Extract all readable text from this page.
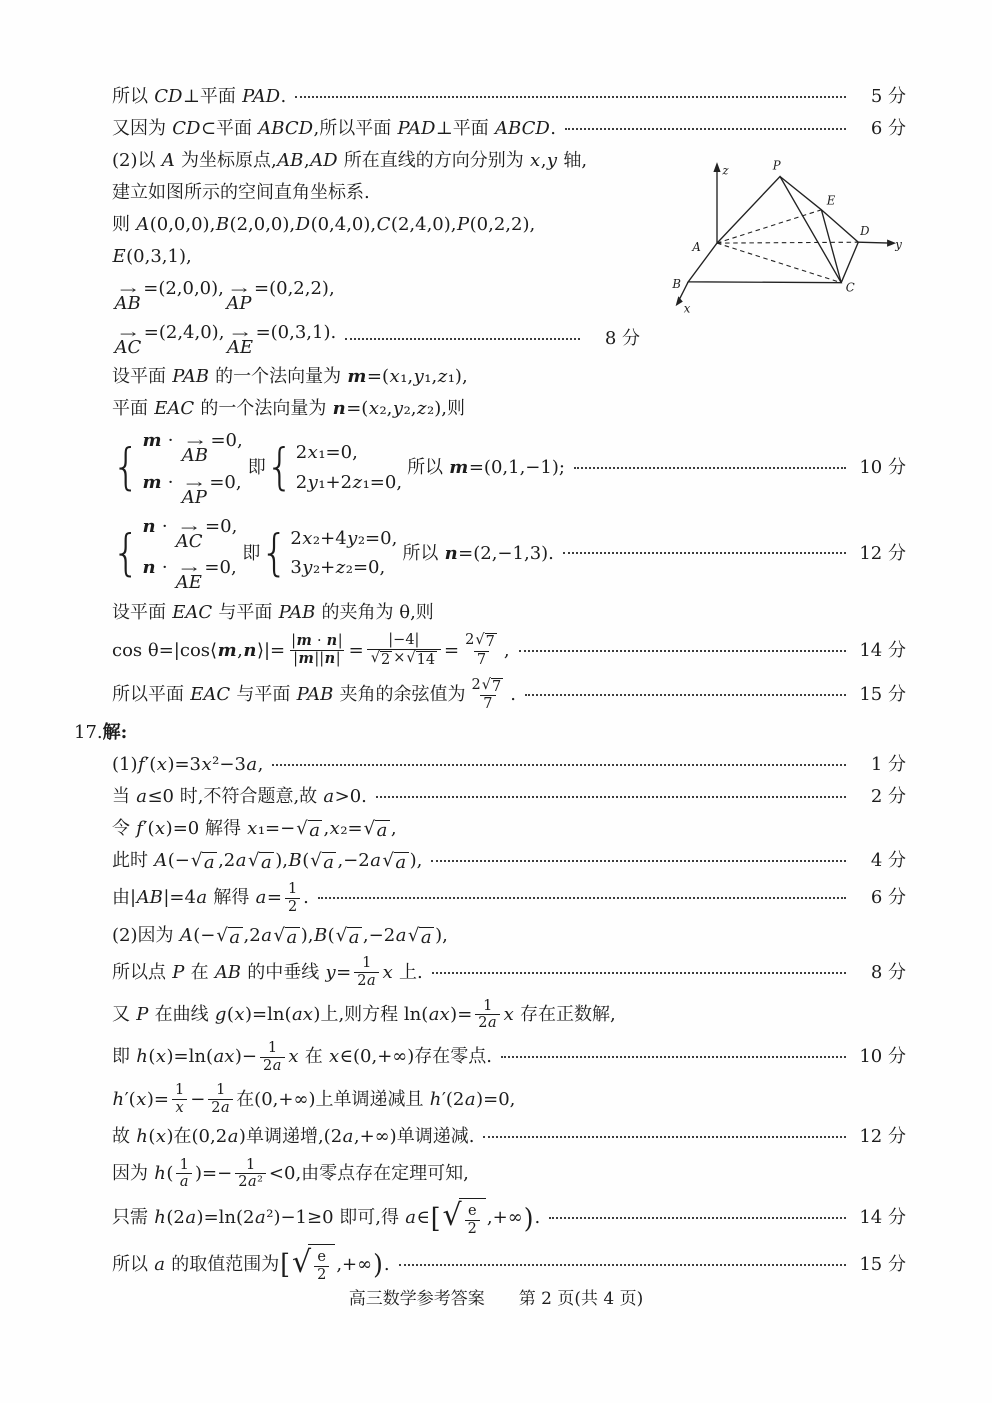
所以 CD⊥平面 PAD.	5 分
又因为 CD⊂平面 ABCD,所以平面 PAD⊥平面 ABCD.	6 分
z	P
E
D
y
A
B	C
x
(2)以 A 为坐标原点,AB,AD 所在直线的方向分别为 x,y 轴,
建立如图所示的空间直角坐标系.
则 A(0,0,0),B(2,0,0),D(0,4,0),C(2,4,0),P(0,2,2),
E(0,3,1),
→
AB
=(2,0,0), →
AP
=(0,2,2),
→
AC
=(2,4,0), →
AE
=(0,3,1).	8 分
设平面 PAB 的一个法向量为 m=(x₁,y₁,z₁),
平面 EAC 的一个法向量为 n=(x₂,y₂,z₂),则
{ m · →
AB
=0,
m · →
AP
=0,
即 { 2x₁=0,
2y₁+2z₁=0,
所以 m=(0,1,−1);	10 分
{ n · →
AC
=0,
n · →
AE
=0,
即 { 2x₂+4y₂=0,
3y₂+z₂=0,
所以 n=(2,−1,3).	12 分
设平面 EAC 与平面 PAB 的夹角为 θ,则
cos θ=|cos⟨m,n⟩|= $\frac{|m \cdot n|}{|m||n|} = \frac{|-4|}{√ 2 \times √ 14} = \frac{2 √ 7}{7}$ ,	14 分
所以平面 EAC 与平面 PAB 夹角的余弦值为 $\frac{2 √ 7}{7}$ .	15 分
17.解:
(1)f′(x)=3x²−3a,	1 分
当 a≤0 时,不符合题意,故 a>0.	2 分
令 f′(x)=0 解得 x₁=− √ a ,x₂= √ a ,
此时 A(− √ a ,2a √ a ),B( √ a ,−2a √ a ),	4 分
由|AB|=4a 解得 $a= \frac{1}{2}$ .	6 分
(2)因为 A(− √ a ,2a √ a ),B( √ a ,−2a √ a ),
所以点 P 在 AB 的中垂线 $y= \frac{1}{2a}$ x 上.	8 分
又 P 在曲线 g(x)=ln(ax)上,则方程 $\ln(ax)= \frac{1}{2a}$ x 存在正数解,
即 $h(x)=\ln(ax)- \frac{1}{2a}$ x 在 x∈(0,+∞)存在零点.	10 分
$h'(x)= \frac{1}{x} - \frac{1}{2a}$ 在(0,+∞)上单调递减且 h′(2a)=0,
故 h(x)在(0,2a)单调递增,(2a,+∞)单调递减.	12 分
因为 $h( \frac{1}{a}$ )=− $\frac{1}{\text{2a²}} <0$,由零点存在定理可知,
只需 h(2a)=ln(2a²)−1≥0 即可,得 a∈ [ √ $\frac{e}{2}$ ,+∞ ) .	14 分
所以 a 的取值范围为 [ √ $\frac{e}{2}$ ,+∞ ) .	15 分
高三数学参考答案　　第 2 页(共 4 页)
